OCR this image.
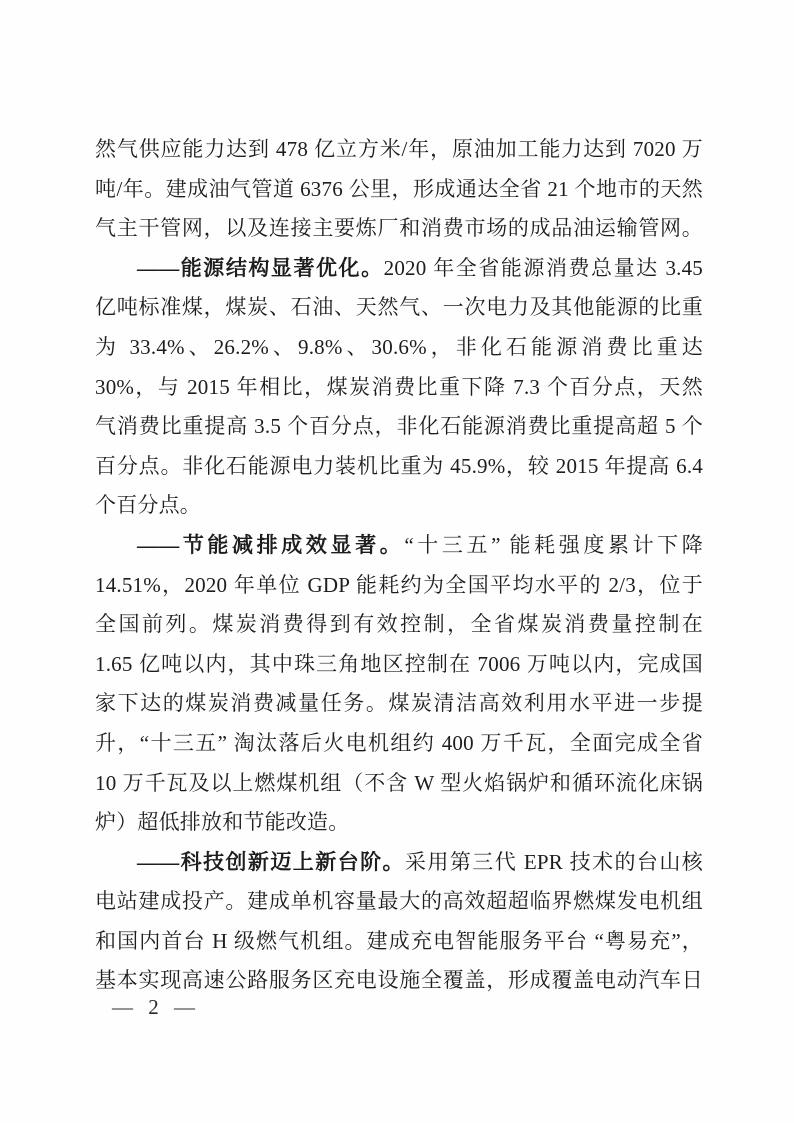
然气供应能力达到 478 亿立方米/年，原油加工能力达到 7020 万
吨/年。建成油气管道 6376 公里，形成通达全省 21 个地市的天然
气主干管网，以及连接主要炼厂和消费市场的成品油运输管网。
——能源结构显著优化。2020 年全省能源消费总量达 3.45
亿吨标准煤，煤炭、石油、天然气、一次电力及其他能源的比重
为 33.4%、26.2%、9.8%、30.6%，非化石能源消费比重达
30%，与 2015 年相比，煤炭消费比重下降 7.3 个百分点，天然
气消费比重提高 3.5 个百分点，非化石能源消费比重提高超 5 个
百分点。非化石能源电力装机比重为 45.9%，较 2015 年提高 6.4
个百分点。
——节能减排成效显著。“十三五” 能耗强度累计下降
14.51%，2020 年单位 GDP 能耗约为全国平均水平的 2/3，位于
全国前列。煤炭消费得到有效控制，全省煤炭消费量控制在
1.65 亿吨以内，其中珠三角地区控制在 7006 万吨以内，完成国
家下达的煤炭消费减量任务。煤炭清洁高效利用水平进一步提
升，“十三五” 淘汰落后火电机组约 400 万千瓦，全面完成全省
10 万千瓦及以上燃煤机组（不含 W 型火焰锅炉和循环流化床锅
炉）超低排放和节能改造。
——科技创新迈上新台阶。采用第三代 EPR 技术的台山核
电站建成投产。建成单机容量最大的高效超超临界燃煤发电机组
和国内首台 H 级燃气机组。建成充电智能服务平台 “粤易充”，
基本实现高速公路服务区充电设施全覆盖，形成覆盖电动汽车日
— 2 —
